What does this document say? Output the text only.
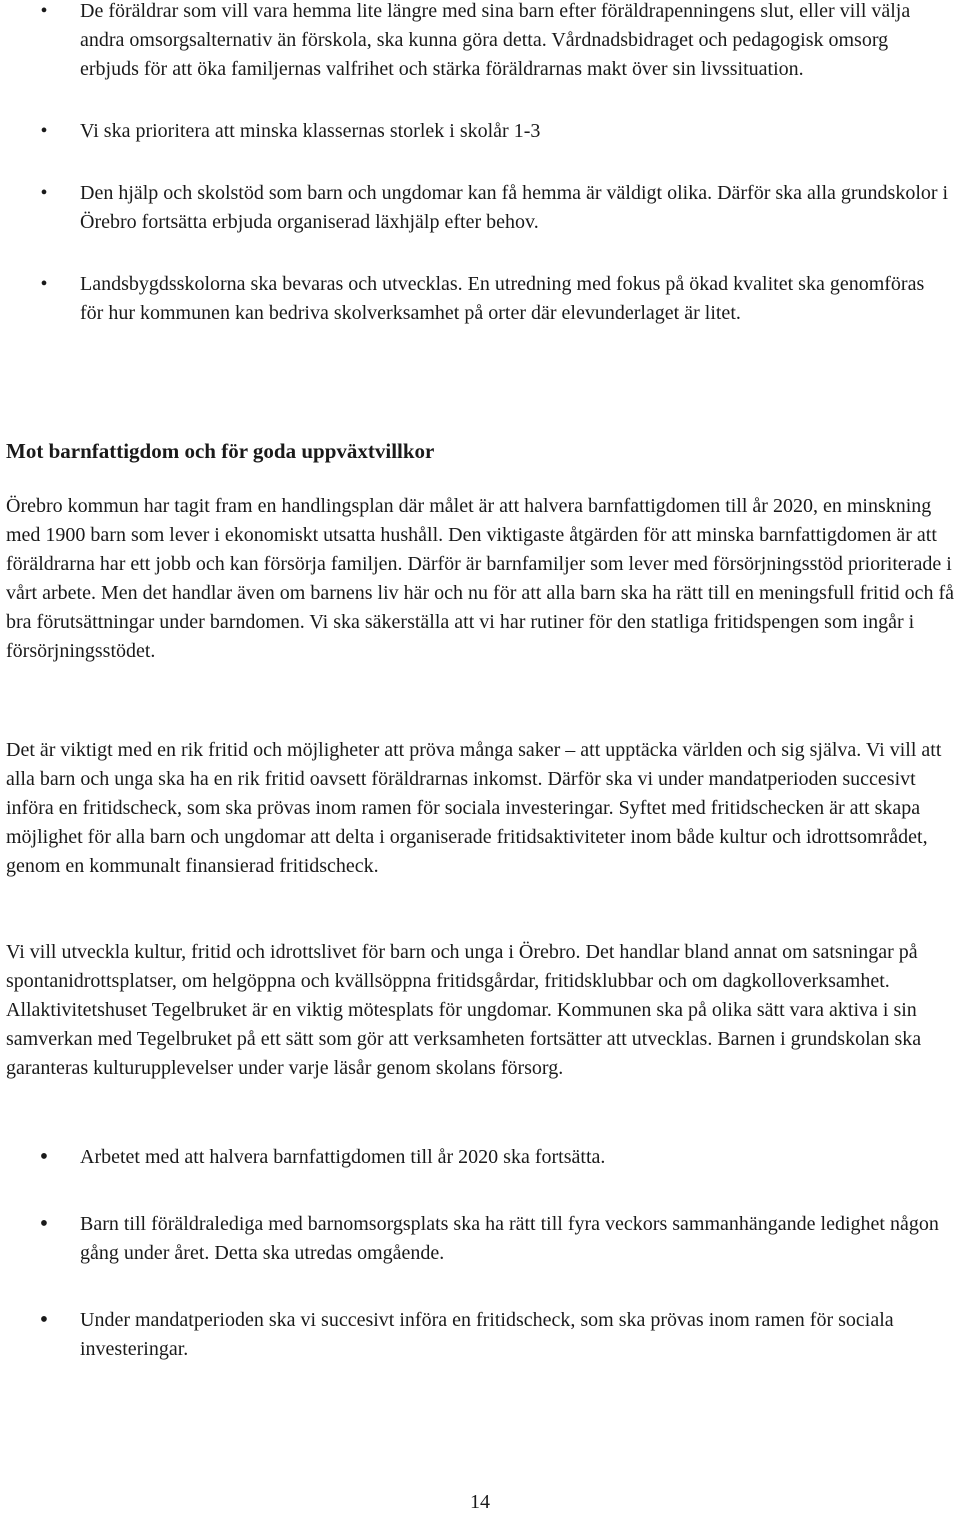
•	De föräldrar som vill vara hemma lite längre med sina barn efter föräldrapenningens slut, eller vill välja andra omsorgsalternativ än förskola, ska kunna göra detta. Vårdnadsbidraget och pedagogisk omsorg erbjuds för att öka familjernas valfrihet och stärka föräldrarnas makt över sin livssituation.
•	Vi ska prioritera att minska klassernas storlek i skolår 1-3
•	Den hjälp och skolstöd som barn och ungdomar kan få hemma är väldigt olika. Därför ska alla grundskolor i Örebro fortsätta erbjuda organiserad läxhjälp efter behov.
•	Landsbygdsskolorna ska bevaras och utvecklas. En utredning med fokus på ökad kvalitet ska genomföras för hur kommunen kan bedriva skolverksamhet på orter där elevunderlaget är litet.
Mot barnfattigdom och för goda uppväxtvillkor

Örebro kommun har tagit fram en handlingsplan där målet är att halvera barnfattigdomen till år 2020, en minskning med 1900 barn som lever i ekonomiskt utsatta hushåll. Den viktigaste åtgärden för att minska barnfattigdomen är att föräldrarna har ett jobb och kan försörja familjen. Därför är barnfamiljer som lever med försörjningsstöd prioriterade i vårt arbete. Men det handlar även om barnens liv här och nu för att alla barn ska ha rätt till en meningsfull fritid och få bra förutsättningar under barndomen. Vi ska säkerställa att vi har rutiner för den statliga fritidspengen som ingår i försörjningsstödet.

Det är viktigt med en rik fritid och möjligheter att pröva många saker – att upptäcka världen och sig själva. Vi vill att alla barn och unga ska ha en rik fritid oavsett föräldrarnas inkomst. Därför ska vi under mandatperioden succesivt införa en fritidscheck, som ska prövas inom ramen för sociala investeringar. Syftet med fritidschecken är att skapa möjlighet för alla barn och ungdomar att delta i organiserade fritidsaktiviteter inom både kultur och idrottsområdet, genom en kommunalt finansierad fritidscheck.

Vi vill utveckla kultur, fritid och idrottslivet för barn och unga i Örebro. Det handlar bland annat om satsningar på spontanidrottsplatser, om helgöppna och kvällsöppna fritidsgårdar, fritidsklubbar och om dagkolloverksamhet. Allaktivitetshuset Tegelbruket är en viktig mötesplats för ungdomar. Kommunen ska på olika sätt vara aktiva i sin samverkan med Tegelbruket på ett sätt som gör att verksamheten fortsätter att utvecklas. Barnen i grundskolan ska garanteras kulturupplevelser under varje läsår genom skolans försorg.

• Arbetet med att halvera barnfattigdomen till år 2020 ska fortsätta.
• Barn till föräldralediga med barnomsorgsplats ska ha rätt till fyra veckors sammanhängande ledighet någon gång under året. Detta ska utredas omgående.
• Under mandatperioden ska vi succesivt införa en fritidscheck, som ska prövas inom ramen för sociala investeringar.
14
